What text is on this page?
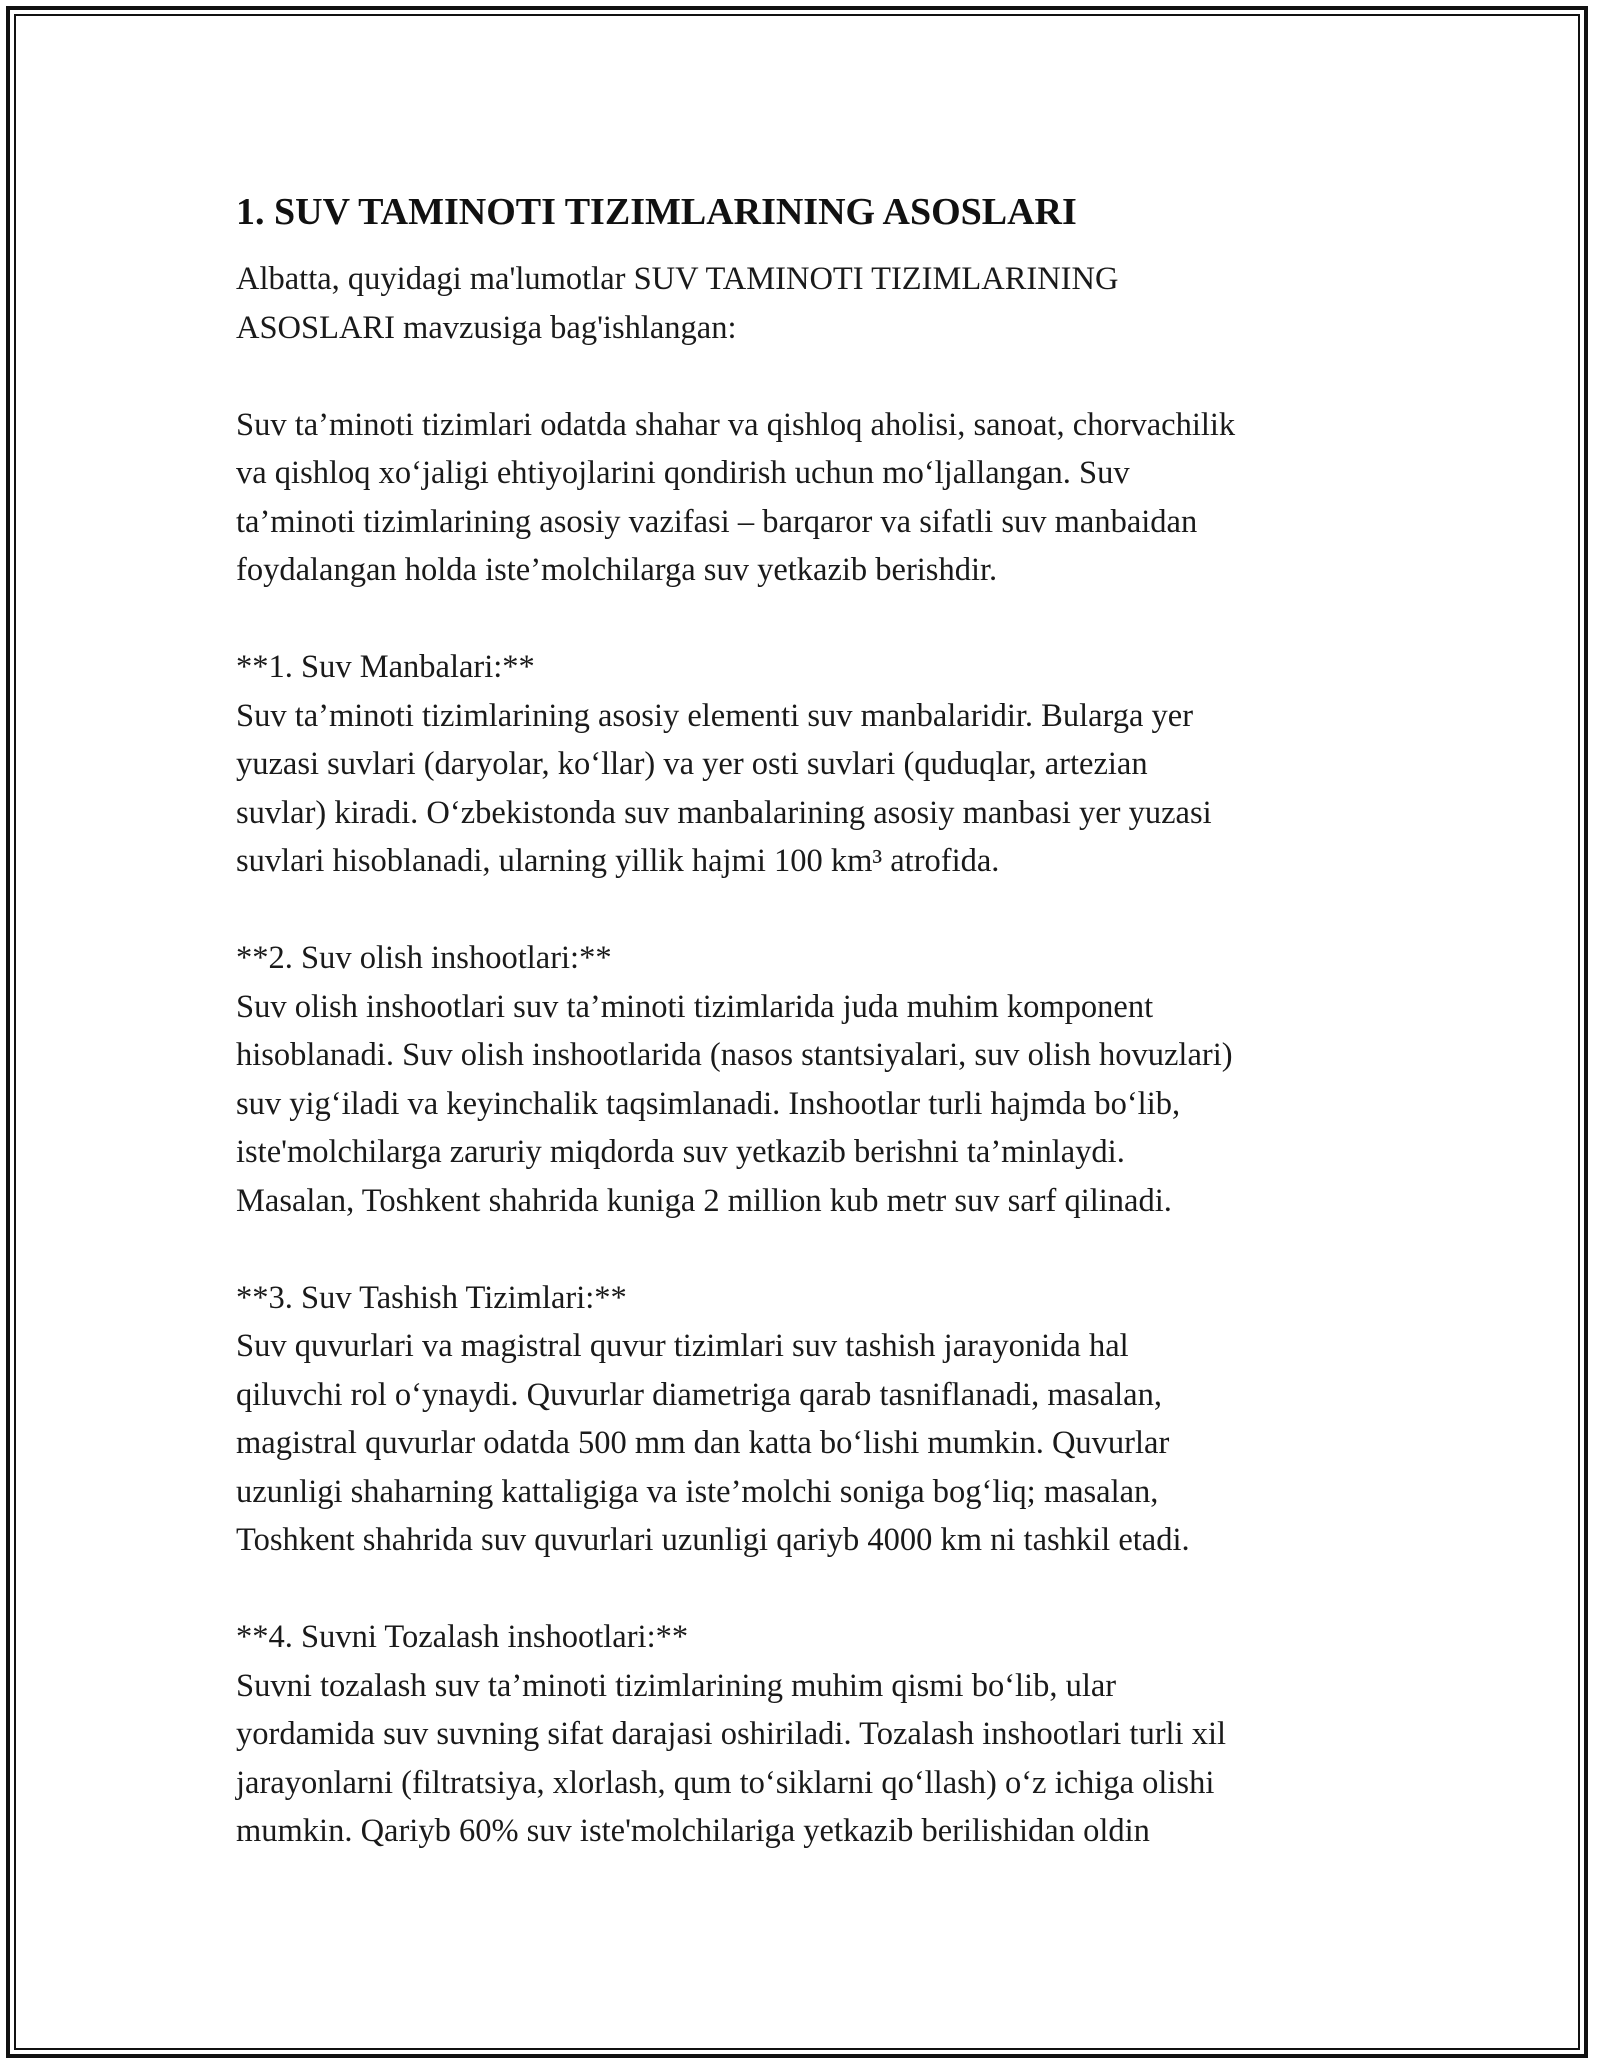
1. SUV TAMINOTI TIZIMLARINING ASOSLARI

Albatta, quyidagi ma'lumotlar SUV TAMINOTI TIZIMLARINING
ASOSLARI mavzusiga bag'ishlangan:

Suv ta’minoti tizimlari odatda shahar va qishloq aholisi, sanoat, chorvachilik
va qishloq xo‘jaligi ehtiyojlarini qondirish uchun mo‘ljallangan. Suv
ta’minoti tizimlarining asosiy vazifasi – barqaror va sifatli suv manbaidan
foydalangan holda iste’molchilarga suv yetkazib berishdir.

**1. Suv Manbalari:**
Suv ta’minoti tizimlarining asosiy elementi suv manbalaridir. Bularga yer
yuzasi suvlari (daryolar, ko‘llar) va yer osti suvlari (quduqlar, artezian
suvlar) kiradi. O‘zbekistonda suv manbalarining asosiy manbasi yer yuzasi
suvlari hisoblanadi, ularning yillik hajmi 100 km³ atrofida.

**2. Suv olish inshootlari:**
Suv olish inshootlari suv ta’minoti tizimlarida juda muhim komponent
hisoblanadi. Suv olish inshootlarida (nasos stantsiyalari, suv olish hovuzlari)
suv yig‘iladi va keyinchalik taqsimlanadi. Inshootlar turli hajmda bo‘lib,
iste'molchilarga zaruriy miqdorda suv yetkazib berishni ta’minlaydi.
Masalan, Toshkent shahrida kuniga 2 million kub metr suv sarf qilinadi.

**3. Suv Tashish Tizimlari:**
Suv quvurlari va magistral quvur tizimlari suv tashish jarayonida hal
qiluvchi rol o‘ynaydi. Quvurlar diametriga qarab tasniflanadi, masalan,
magistral quvurlar odatda 500 mm dan katta bo‘lishi mumkin. Quvurlar
uzunligi shaharning kattaligiga va iste’molchi soniga bog‘liq; masalan,
Toshkent shahrida suv quvurlari uzunligi qariyb 4000 km ni tashkil etadi.

**4. Suvni Tozalash inshootlari:**
Suvni tozalash suv ta’minoti tizimlarining muhim qismi bo‘lib, ular
yordamida suv suvning sifat darajasi oshiriladi. Tozalash inshootlari turli xil
jarayonlarni (filtratsiya, xlorlash, qum to‘siklarni qo‘llash) o‘z ichiga olishi
mumkin. Qariyb 60% suv iste'molchilariga yetkazib berilishidan oldin
